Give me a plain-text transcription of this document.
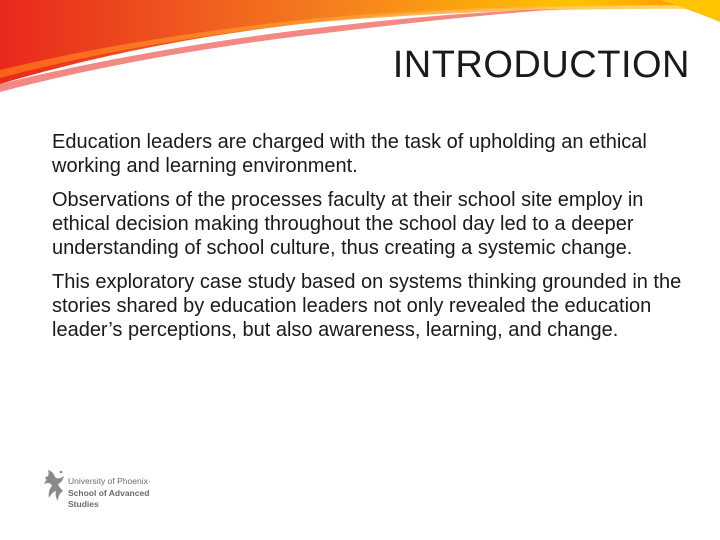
INTRODUCTION

Education leaders are charged with the task of upholding an ethical working and learning environment.

Observations of the processes faculty at their school site employ in ethical decision making throughout the school day led to a deeper understanding of school culture, thus creating a systemic change.

This exploratory case study based on systems thinking grounded in the stories shared by education leaders not only revealed the education leader’s perceptions, but also awareness, learning, and change.

University of Phoenix·
School of Advanced
Studies
